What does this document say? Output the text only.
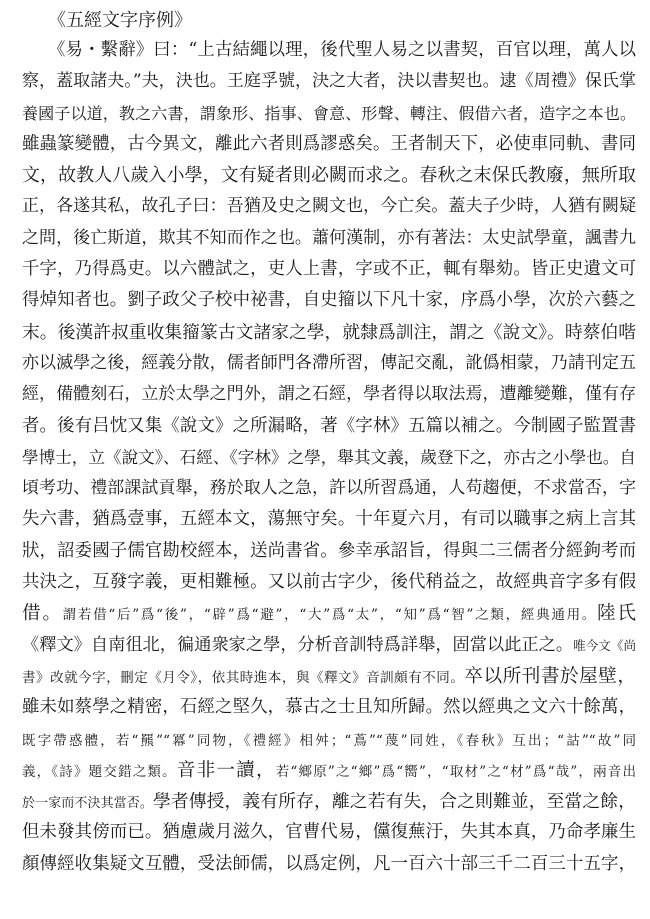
《五經文字序例》
《易・繫辭》曰：“上古結繩以理，後代聖人易之以書契，百官以理，萬人以
察，蓋取諸夬。”夬，決也。王庭孚號，決之大者，決以書契也。逮《周禮》保氏掌
養國子以道，教之六書，謂象形、指事、會意、形聲、轉注、假借六者，造字之本也。
雖蟲篆變體，古今異文，離此六者則爲謬惑矣。王者制天下，必使車同軌、書同
文，故教人八歲入小學，文有疑者則必闕而求之。春秋之末保氏教廢，無所取
正，各遂其私，故孔子曰：吾猶及史之闕文也，今亡矣。蓋夫子少時，人猶有闕疑
之問，後亡斯道，欺其不知而作之也。蕭何漢制，亦有著法：太史試學童，諷書九
千字，乃得爲吏。以六體試之，吏人上書，字或不正，輒有舉劾。皆正史遺文可
得焯知者也。劉子政父子校中祕書，自史籀以下凡十家，序爲小學，次於六藝之
末。後漢許叔重收集籀篆古文諸家之學，就隸爲訓注，謂之《說文》。時蔡伯喈
亦以滅學之後，經義分散，儒者師門各滯所習，傳記交亂，訛僞相蒙，乃請刊定五
經，備體刻石，立於太學之門外，謂之石經，學者得以取法焉，遭離變難，僅有存
者。後有吕忱又集《說文》之所漏略，著《字林》五篇以補之。今制國子監置書
學博士，立《說文》、石經、《字林》之學，舉其文義，歲登下之，亦古之小學也。自
頃考功、禮部課試貢舉，務於取人之急，許以所習爲通，人苟趨便，不求當否，字
失六書，猶爲壹事，五經本文，蕩無守矣。十年夏六月，有司以職事之病上言其
狀，詔委國子儒官勘校經本，送尚書省。參幸承詔旨，得與二三儒者分經鉤考而
共決之，互發字義，更相難極。又以前古字少，後代稍益之，故經典音字多有假
借。謂若借“后”爲“後”，“辟”爲“避”，“大”爲“太”，“知”爲“智”之類，經典通用。陸氏
《釋文》自南徂北，徧通衆家之學，分析音訓特爲詳舉，固當以此正之。唯今文《尚
書》改就今字，刪定《月令》，依其時進本，與《釋文》音訓頗有不同。卒以所刊書於屋壁，
雖未如蔡學之精密，石經之堅久，慕古之士且知所歸。然以經典之文六十餘萬，
既字帶惑體，若“羆”“冪”同物，《禮經》相舛；“蔦”“蔑”同姓，《春秋》互出；“詁”“故”同
義，《詩》題交錯之類。音非一讀，若“鄉原”之“鄉”爲“嚮”，“取材”之“材”爲“哉”，兩音出
於一家而不決其當否。學者傳授，義有所存，離之若有失，合之則難並，至當之餘，
但未發其傍而已。猶慮歲月滋久，官曹代易，儻復蕪汙，失其本真，乃命孝廉生
顏傳經收集疑文互體，受法師儒，以爲定例，凡一百六十部三千二百三十五字，
